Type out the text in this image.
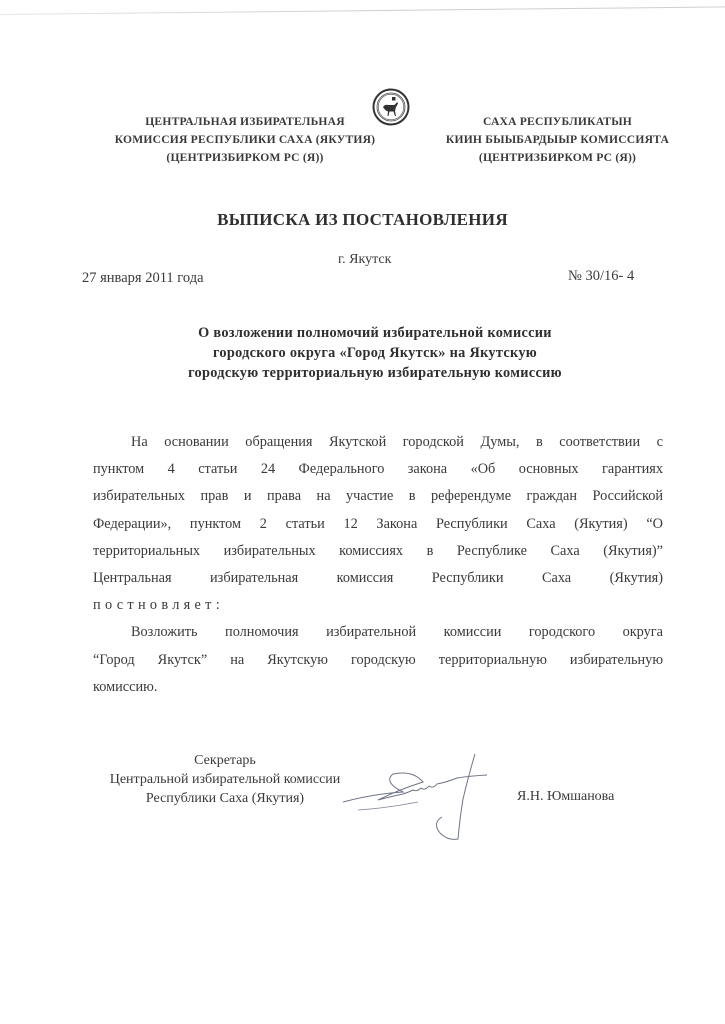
ЦЕНТРАЛЬНАЯ ИЗБИРАТЕЛЬНАЯ
КОМИССИЯ РЕСПУБЛИКИ САХА (ЯКУТИЯ)
(ЦЕНТРИЗБИРКОМ РС (Я))
САХА РЕСПУБЛИКАТЫН
КИИН БЫЫБАРДЫЫР КОМИССИЯТА
(ЦЕНТРИЗБИРКОМ РС (Я))
ВЫПИСКА ИЗ ПОСТАНОВЛЕНИЯ
г. Якутск
27 января 2011 года	№ 30/16- 4
О возложении полномочий избирательной комиссии
городского округа «Город Якутск» на Якутскую
городскую территориальную избирательную комиссию
На основании обращения Якутской городской Думы, в соответствии с
пунктом 4 статьи 24 Федерального закона «Об основных гарантиях
избирательных прав и права на участие в референдуме граждан Российской
Федерации», пунктом 2 статьи 12 Закона Республики Саха (Якутия) “О
территориальных избирательных комиссиях в Республике Саха (Якутия)”
Центральная избирательная комиссия Республики Саха (Якутия)
постновляет:
Возложить полномочия избирательной комиссии городского округа
“Город Якутск” на Якутскую городскую территориальную избирательную
комиссию.
Секретарь
Центральной избирательной комиссии
Республики Саха (Якутия)	Я.Н. Юмшанова
